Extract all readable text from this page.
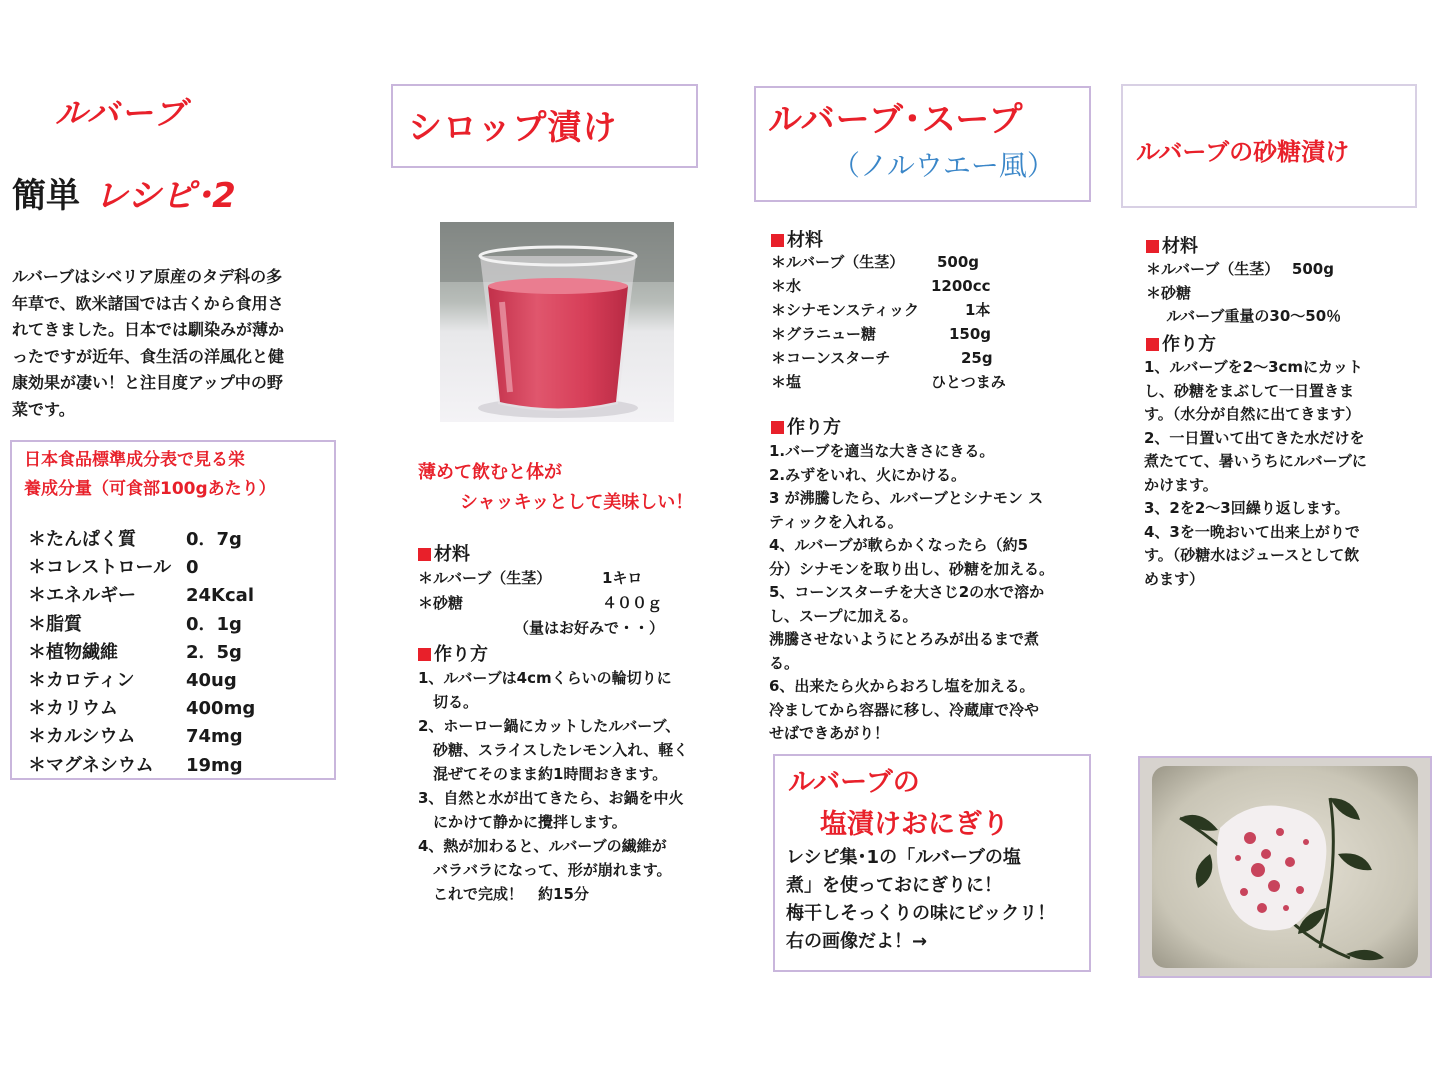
ルバーブ
簡単 レシピ･2
ルバーブはシベリア原産のタデ科の多
年草で、欧米諸国では古くから食用さ
れてきました。日本では馴染みが薄か
ったですが近年、食生活の洋風化と健
康効果が凄い！と注目度アップ中の野
菜です。
日本食品標準成分表で見る栄
養成分量（可食部100gあたり）
＊たんぱく質	0．7g
＊コレストロール 0
＊エネルギー	24Kcal
＊脂質	0．1g
＊植物繊維	2．5g
＊カロティン	40ug
＊カリウム	400mg
＊カルシウム	74mg
＊マグネシウム 19mg
シロップ漬け
薄めて飲むと体が
シャッキッとして美味しい！
材料
＊ルバーブ（生茎）	1キロ
＊砂糖	４００ｇ
（量はお好みで・・）
作り方
1、ルバーブは4cmくらいの輪切りに
　切る。
2、ホーロー鍋にカットしたルバーブ、
　砂糖、スライスしたレモン入れ、軽く
　混ぜてそのまま約1時間おきます。
3、自然と水が出てきたら、お鍋を中火
　にかけて静かに攪拌します。
4、熱が加わると、ルバーブの繊維が
　バラバラになって、形が崩れます。
　これで完成！　約15分
ルバーブ･スープ
（ノルウエー風）
材料
＊ルバーブ（生茎） 500g
＊水	1200cc
＊シナモンスティック	1本
＊グラニュー糖	150g
＊コーンスターチ	25g
＊塩	ひとつまみ
作り方
1.バーブを適当な大きさにきる。
2.みずをいれ、火にかける。
3 が沸騰したら、ルバーブとシナモン ス
ティックを入れる。
4、ルバーブが軟らかくなったら（約5
分）シナモンを取り出し、砂糖を加える。
5、コーンスターチを大さじ2の水で溶か
し、スープに加える。
沸騰させないようにとろみが出るまで煮
る。
6、出来たら火からおろし塩を加える。
冷ましてから容器に移し、冷蔵庫で冷や
せばできあがり！
ルバーブの
塩漬けおにぎり
レシピ集･1の「ルバーブの塩
煮」を使っておにぎりに！
梅干しそっくりの味にビックリ！
右の画像だよ！→
ルバーブの砂糖漬け
材料
＊ルバーブ（生茎）　 500g
＊砂糖
　 ルバーブ重量の30～50％
作り方
1、ルバーブを2～3cmにカット
し、砂糖をまぶして一日置きま
す。（水分が自然に出てきます）
2、一日置いて出てきた水だけを
煮たてて、暑いうちにルバーブに
かけます。
3、2を2～3回繰り返します。
4、3を一晩おいて出来上がりで
す。（砂糖水はジュースとして飲
めます）
